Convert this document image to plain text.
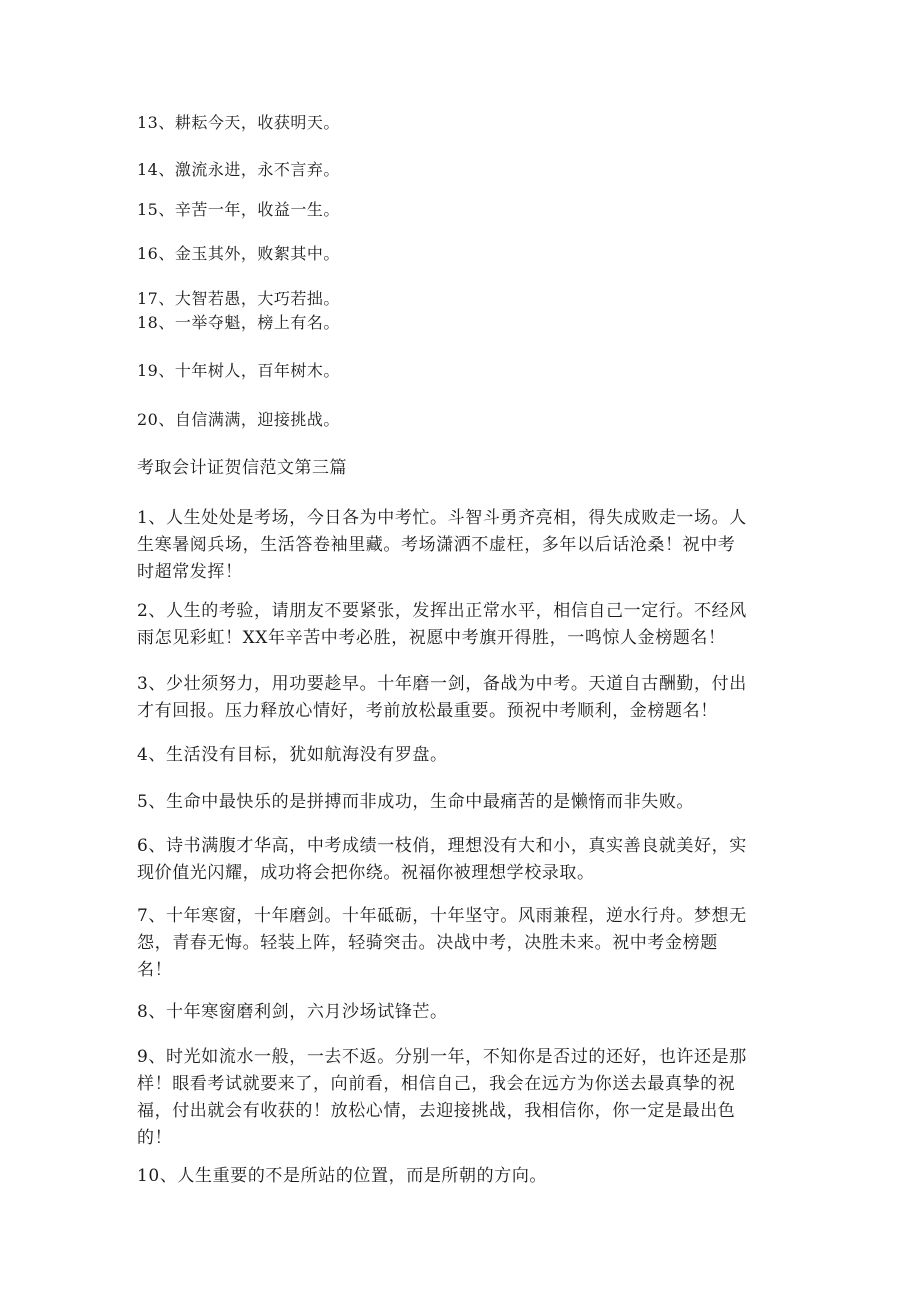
13、耕耘今天，收获明天。
14、激流永进，永不言弃。
15、辛苦一年，收益一生。
16、金玉其外，败絮其中。
17、大智若愚，大巧若拙。
18、一举夺魁，榜上有名。
19、十年树人，百年树木。
20、自信满满，迎接挑战。
考取会计证贺信范文第三篇
1、人生处处是考场，今日各为中考忙。斗智斗勇齐亮相，得失成败走一场。人
生寒暑阅兵场，生活答卷袖里藏。考场潇洒不虚枉，多年以后话沧桑！祝中考
时超常发挥！
2、人生的考验，请朋友不要紧张，发挥出正常水平，相信自己一定行。不经风
雨怎见彩虹！XX年辛苦中考必胜，祝愿中考旗开得胜，一鸣惊人金榜题名！
3、少壮须努力，用功要趁早。十年磨一剑，备战为中考。天道自古酬勤，付出
才有回报。压力释放心情好，考前放松最重要。预祝中考顺利，金榜题名！
4、生活没有目标，犹如航海没有罗盘。
5、生命中最快乐的是拼搏而非成功，生命中最痛苦的是懒惰而非失败。
6、诗书满腹才华高，中考成绩一枝俏，理想没有大和小，真实善良就美好，实
现价值光闪耀，成功将会把你绕。祝福你被理想学校录取。
7、十年寒窗，十年磨剑。十年砥砺，十年坚守。风雨兼程，逆水行舟。梦想无
怨，青春无悔。轻装上阵，轻骑突击。决战中考，决胜未来。祝中考金榜题
名！
8、十年寒窗磨利剑，六月沙场试锋芒。
9、时光如流水一般，一去不返。分别一年，不知你是否过的还好，也许还是那
样！眼看考试就要来了，向前看，相信自己，我会在远方为你送去最真挚的祝
福，付出就会有收获的！放松心情，去迎接挑战，我相信你，你一定是最出色
的！
10、人生重要的不是所站的位置，而是所朝的方向。
